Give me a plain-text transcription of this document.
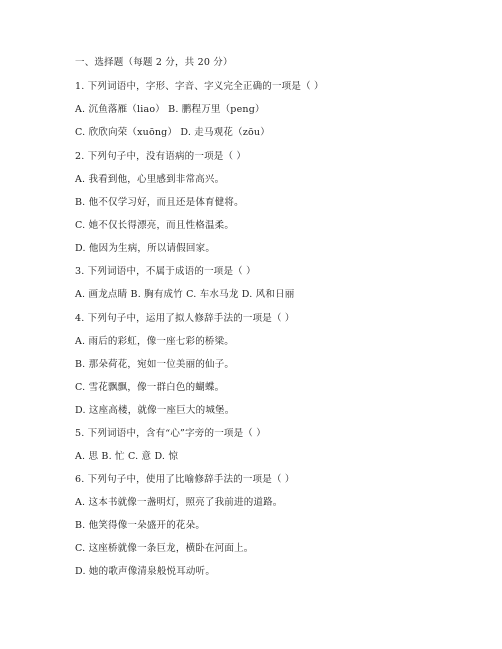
一、选择题（每题 2 分，共 20 分）
1. 下列词语中，字形、字音、字义完全正确的一项是（ ）
A. 沉鱼落雁（liao） B. 鹏程万里（peng）
C. 欣欣向荣（xuōng） D. 走马观花（zōu）
2. 下列句子中，没有语病的一项是（ ）
A. 我看到他，心里感到非常高兴。
B. 他不仅学习好，而且还是体育健将。
C. 她不仅长得漂亮，而且性格温柔。
D. 他因为生病，所以请假回家。
3. 下列词语中，不属于成语的一项是（ ）
A. 画龙点睛 B. 胸有成竹 C. 车水马龙 D. 风和日丽
4. 下列句子中，运用了拟人修辞手法的一项是（ ）
A. 雨后的彩虹，像一座七彩的桥梁。
B. 那朵荷花，宛如一位美丽的仙子。
C. 雪花飘飘，像一群白色的蝴蝶。
D. 这座高楼，就像一座巨大的城堡。
5. 下列词语中，含有“心”字旁的一项是（ ）
A. 思 B. 忙 C. 意 D. 惊
6. 下列句子中，使用了比喻修辞手法的一项是（ ）
A. 这本书就像一盏明灯，照亮了我前进的道路。
B. 他笑得像一朵盛开的花朵。
C. 这座桥就像一条巨龙，横卧在河面上。
D. 她的歌声像清泉般悦耳动听。
